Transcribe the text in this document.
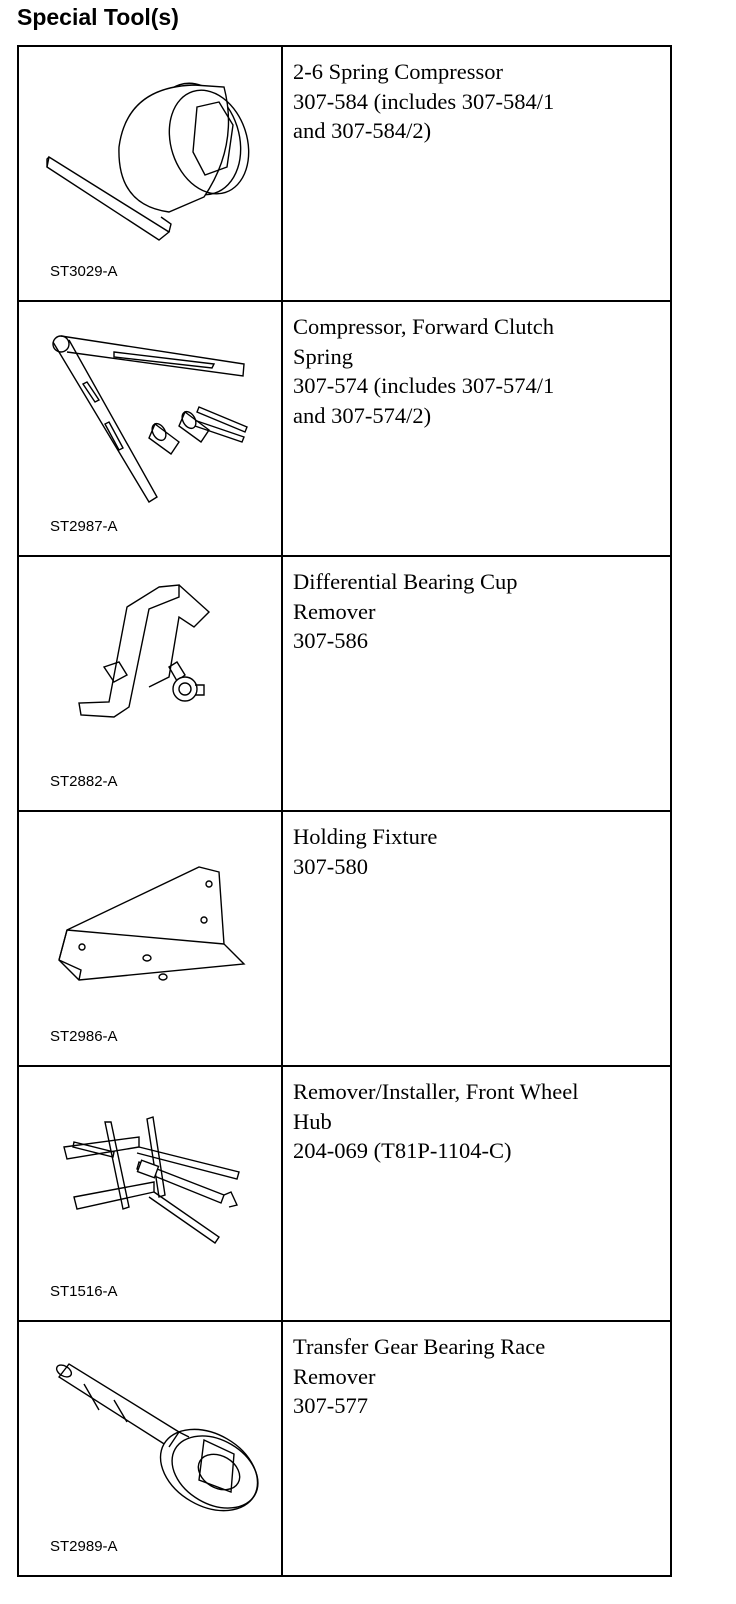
Special Tool(s)
ST3029-A	2-6 Spring Compressor
307-584 (includes 307-584/1
and 307-584/2)

ST2987-A	Compressor, Forward Clutch
Spring
307-574 (includes 307-574/1
and 307-574/2)

ST2882-A	Differential Bearing Cup
Remover
307-586

ST2986-A	Holding Fixture
307-580

ST1516-A	Remover/Installer, Front Wheel
Hub
204-069 (T81P-1104-C)

ST2989-A	Transfer Gear Bearing Race
Remover
307-577
